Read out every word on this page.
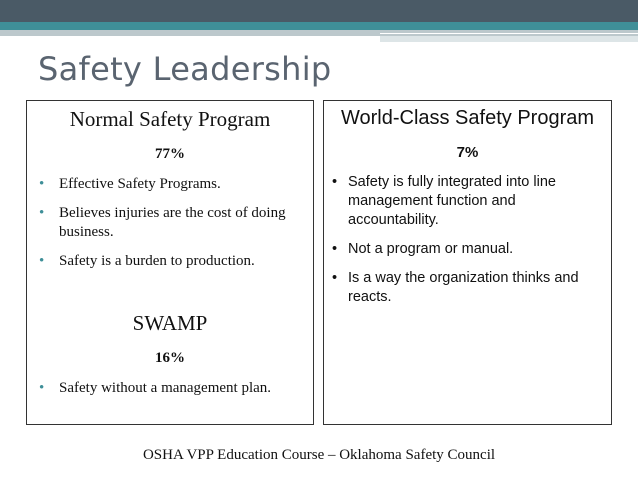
Safety Leadership
Normal Safety Program
77%
• Effective Safety Programs.
• Believes injuries are the cost of doing business.
• Safety is a burden to production.
SWAMP
16%
• Safety without a management plan.
World-Class Safety Program
7%
• Safety is fully integrated into line management function and accountability.
• Not a program or manual.
• Is a way the organization thinks and reacts.
OSHA VPP Education Course – Oklahoma Safety Council
